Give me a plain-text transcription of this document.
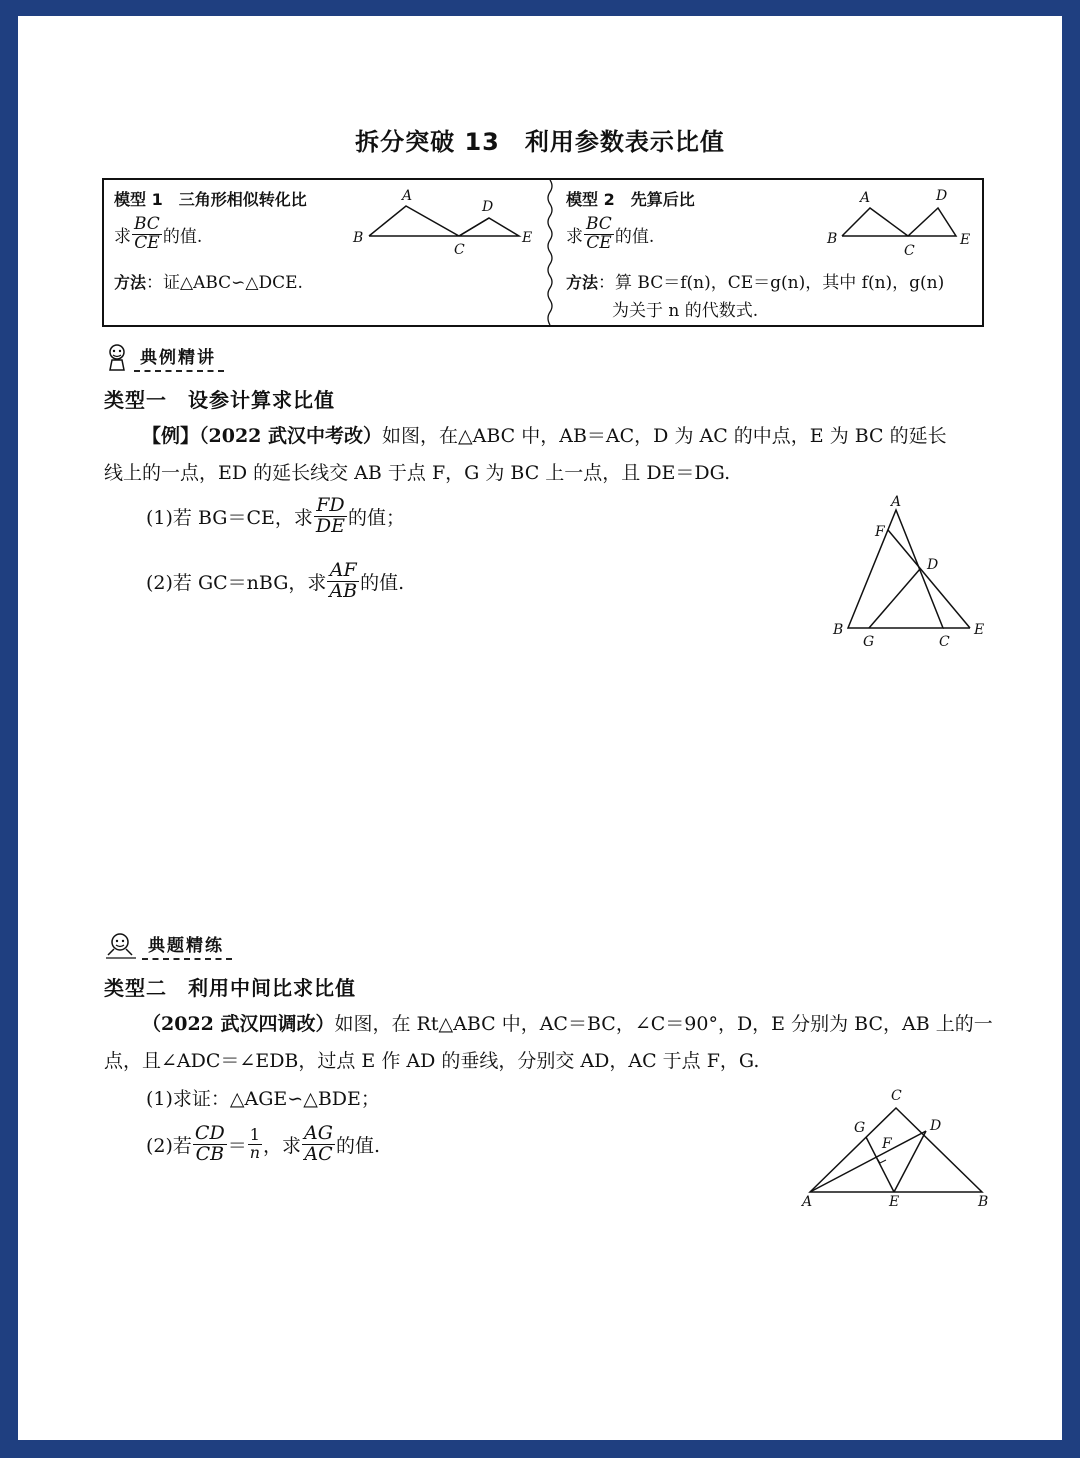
拆分突破 13　利用参数表示比值
模型 1　三角形相似转化比
求 $\frac{BC}{CE}$ 的值.
方法：证△ABC∽△DCE.
A
B
C
D
E
模型 2　先算后比
求 $\frac{BC}{CE}$ 的值.
方法：算 BC＝f(n)，CE＝g(n)，其中 f(n)，g(n)
为关于 n 的代数式.
A
B
C
D
E
典例精讲
类型一　设参计算求比值
【例】（2022 武汉中考改）如图，在△ABC 中，AB＝AC，D 为 AC 的中点，E 为 BC 的延长
线上的一点，ED 的延长线交 AB 于点 F，G 为 BC 上一点，且 DE＝DG.
(1)若 BG＝CE，求 $\frac{FD}{DE}$ 的值；
(2)若 GC＝nBG，求 $\frac{AF}{AB}$ 的值.
A
F
D
B
G	C
E
典题精练
类型二　利用中间比求比值
（2022 武汉四调改）如图，在 Rt△ABC 中，AC＝BC，∠C＝90°，D，E 分别为 BC，AB 上的一
点，且∠ADC＝∠EDB，过点 E 作 AD 的垂线，分别交 AD，AC 于点 F，G.
(1)求证：△AGE∽△BDE；
(2)若 $\frac{CD}{CB} = \frac{1}{n}$ ，求 $\frac{AG}{AC}$ 的值.
C
G	D
F
A	E	B
